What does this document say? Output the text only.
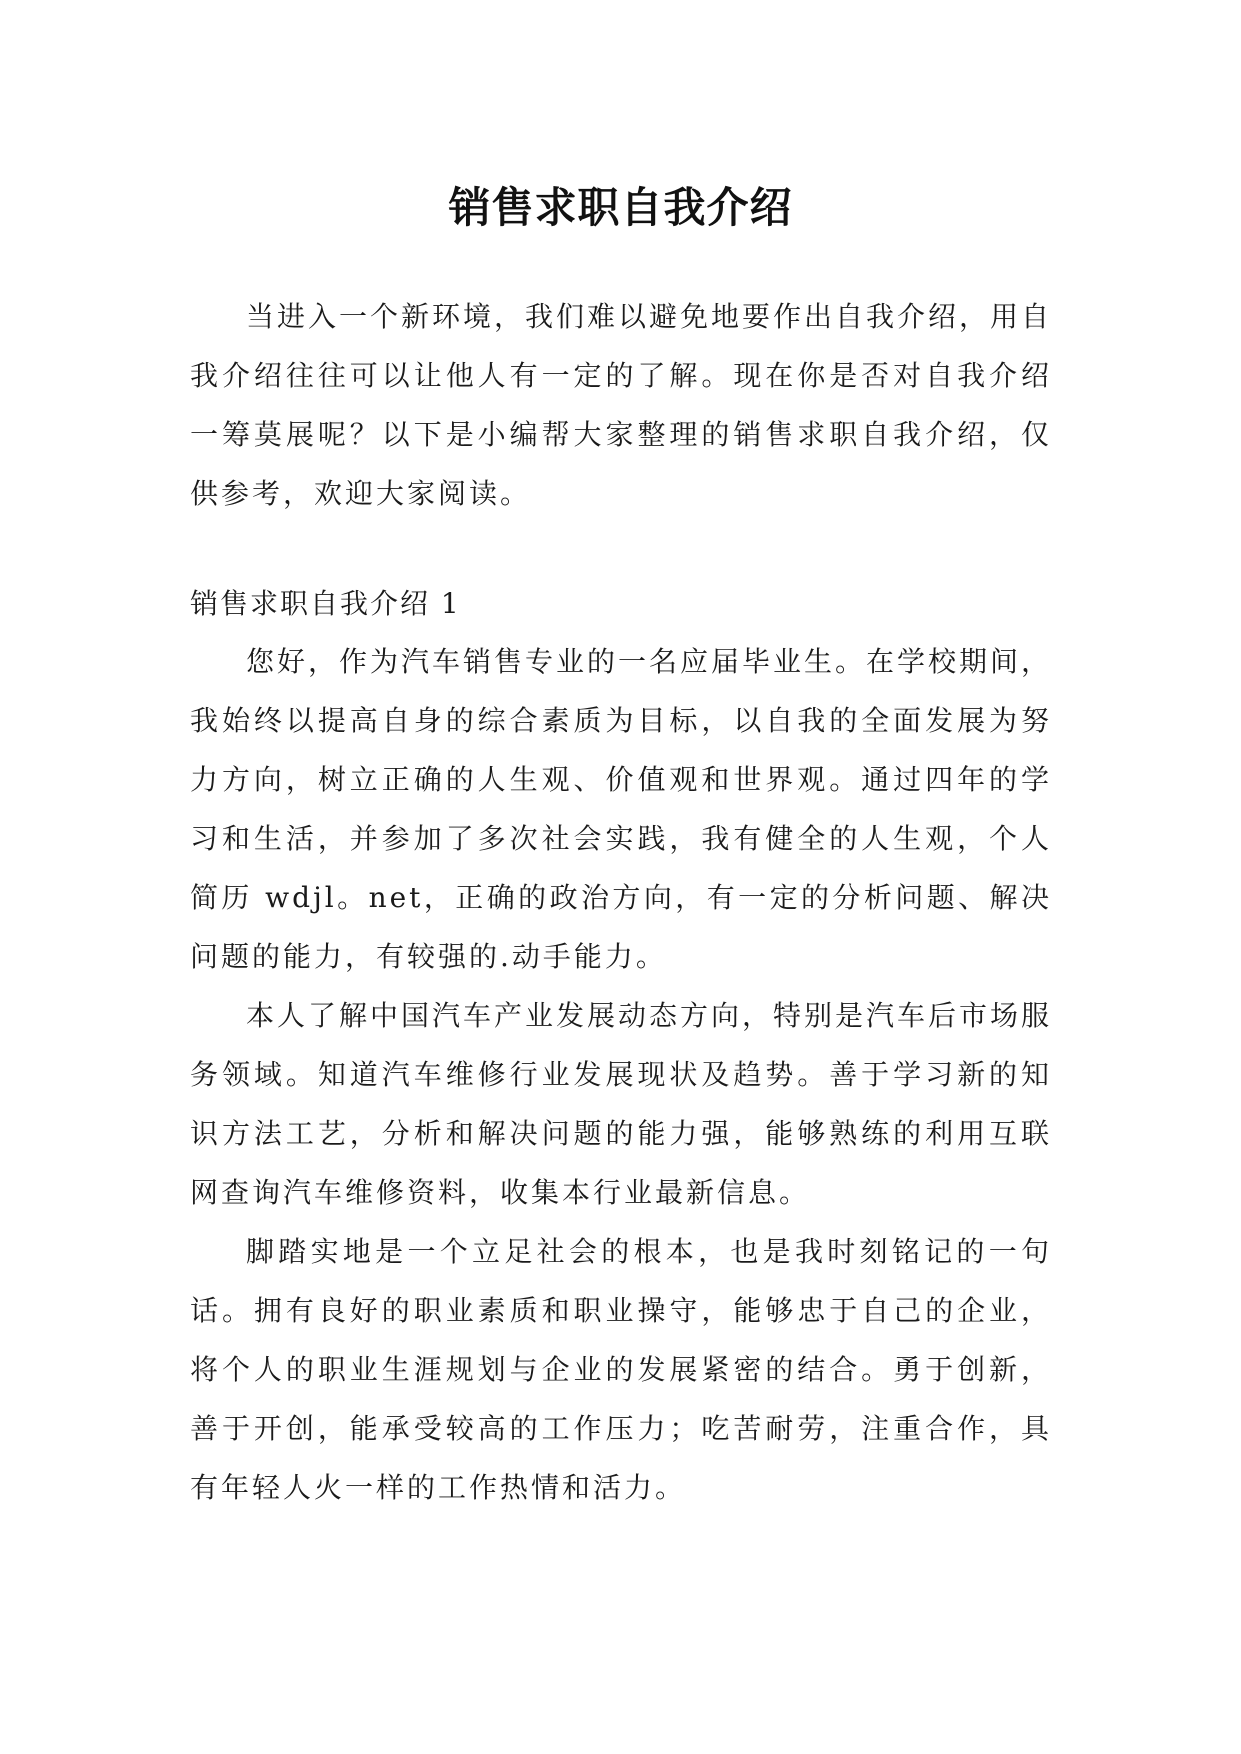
销售求职自我介绍

当进入一个新环境，我们难以避免地要作出自我介绍，用自我介绍往往可以让他人有一定的了解。现在你是否对自我介绍一筹莫展呢？以下是小编帮大家整理的销售求职自我介绍，仅供参考，欢迎大家阅读。

销售求职自我介绍 1

您好，作为汽车销售专业的一名应届毕业生。在学校期间，我始终以提高自身的综合素质为目标，以自我的全面发展为努力方向，树立正确的人生观、价值观和世界观。通过四年的学习和生活，并参加了多次社会实践，我有健全的人生观，个人简历 wdjl。net，正确的政治方向，有一定的分析问题、解决问题的能力，有较强的.动手能力。

本人了解中国汽车产业发展动态方向，特别是汽车后市场服务领域。知道汽车维修行业发展现状及趋势。善于学习新的知识方法工艺，分析和解决问题的能力强，能够熟练的利用互联网查询汽车维修资料，收集本行业最新信息。

脚踏实地是一个立足社会的根本，也是我时刻铭记的一句话。拥有良好的职业素质和职业操守，能够忠于自己的企业，将个人的职业生涯规划与企业的发展紧密的结合。勇于创新，善于开创，能承受较高的工作压力；吃苦耐劳，注重合作，具有年轻人火一样的工作热情和活力。
